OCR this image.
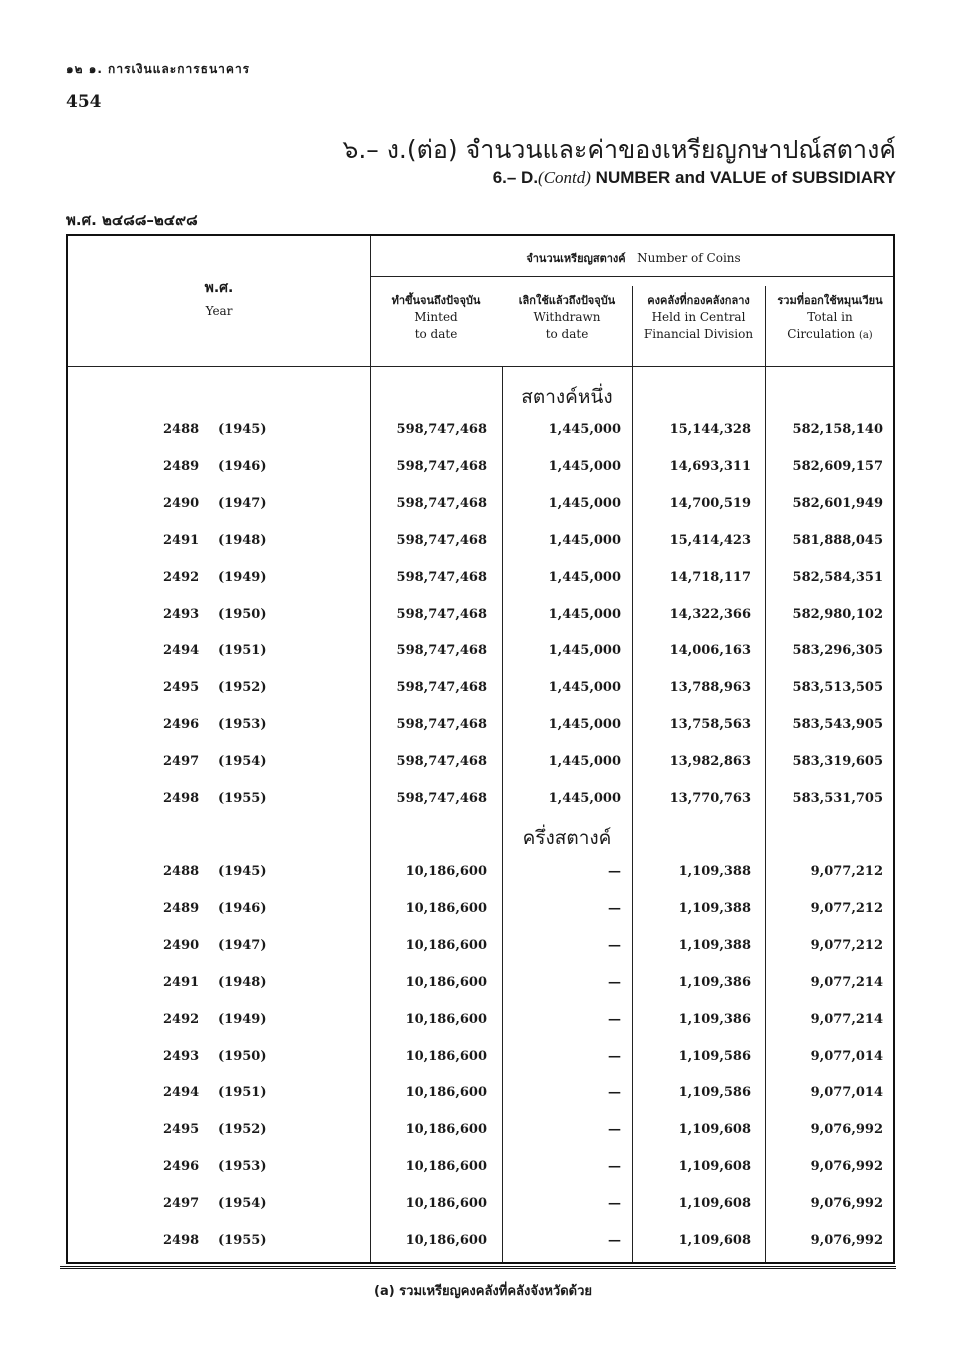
๑๒ ๑. การเงินและการธนาคาร
454
๖.– ง.(ต่อ) จำนวนและค่าของเหรียญกษาปณ์สตางค์
6.– D.(Contd) NUMBER and VALUE of SUBSIDIARY
พ.ศ. ๒๔๘๘–๒๔๙๘
พ.ศ.
Year
จำนวนเหรียญสตางค์ Number of Coins
ทำขึ้นจนถึงปัจจุบัน
Minted
to date
เลิกใช้แล้วถึงปัจจุบัน
Withdrawn
to date
คงคลังที่กองคลังกลาง
Held in Central
Financial Division
รวมที่ออกใช้หมุนเวียน
Total in
Circulation (a)
สตางค์หนึ่ง
2488 (1945)	598,747,468	1,445,000	15,144,328	582,158,140
2489 (1946)	598,747,468	1,445,000	14,693,311	582,609,157
2490 (1947)	598,747,468	1,445,000	14,700,519	582,601,949
2491 (1948)	598,747,468	1,445,000	15,414,423	581,888,045
2492 (1949)	598,747,468	1,445,000	14,718,117	582,584,351
2493 (1950)	598,747,468	1,445,000	14,322,366	582,980,102
2494 (1951)	598,747,468	1,445,000	14,006,163	583,296,305
2495 (1952)	598,747,468	1,445,000	13,788,963	583,513,505
2496 (1953)	598,747,468	1,445,000	13,758,563	583,543,905
2497 (1954)	598,747,468	1,445,000	13,982,863	583,319,605
2498 (1955)	598,747,468	1,445,000	13,770,763	583,531,705
ครึ่งสตางค์
2488 (1945)	10,186,600	—	1,109,388	9,077,212
2489 (1946)	10,186,600	—	1,109,388	9,077,212
2490 (1947)	10,186,600	—	1,109,388	9,077,212
2491 (1948)	10,186,600	—	1,109,386	9,077,214
2492 (1949)	10,186,600	—	1,109,386	9,077,214
2493 (1950)	10,186,600	—	1,109,586	9,077,014
2494 (1951)	10,186,600	—	1,109,586	9,077,014
2495 (1952)	10,186,600	—	1,109,608	9,076,992
2496 (1953)	10,186,600	—	1,109,608	9,076,992
2497 (1954)	10,186,600	—	1,109,608	9,076,992
2498 (1955)	10,186,600	—	1,109,608	9,076,992
(a) รวมเหรียญคงคลังที่คลังจังหวัดด้วย
